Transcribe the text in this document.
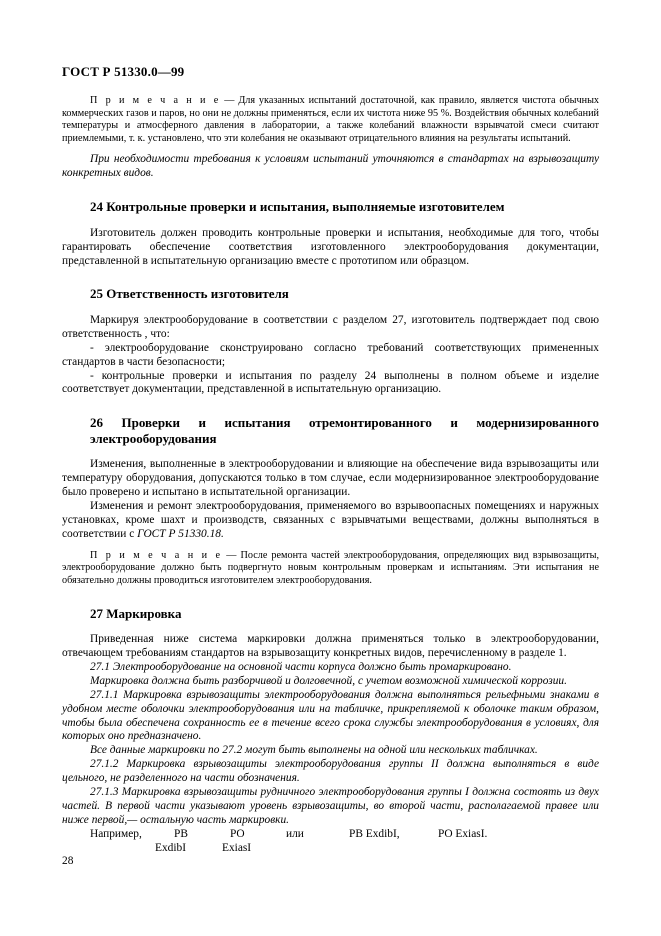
ГОСТ Р 51330.0—99

П р и м е ч а н и е — Для указанных испытаний достаточной, как правило, является чистота обычных коммерческих газов и паров, но они не должны применяться, если их чистота ниже 95 %. Воздействия обычных колебаний температуры и атмосферного давления в лаборатории, а также колебаний влажности взрывчатой смеси считают приемлемыми, т. к. установлено, что эти колебания не оказывают отрицательного влияния на результаты испытаний.

При необходимости требования к условиям испытаний уточняются в стандартах на взрывозащиту конкретных видов.

24 Контрольные проверки и испытания, выполняемые изготовителем

Изготовитель должен проводить контрольные проверки и испытания, необходимые для того, чтобы гарантировать обеспечение соответствия изготовленного электрооборудования документации, представленной в испытательную организацию вместе с прототипом или образцом.

25 Ответственность изготовителя

Маркируя электрооборудование в соответствии с разделом 27, изготовитель подтверждает под свою ответственность , что:

- электрооборудование сконструировано согласно требований соответствующих примененных стандартов в части безопасности;

- контрольные проверки и испытания по разделу 24 выполнены в полном объеме и изделие соответствует документации, представленной в испытательную организацию.

26 Проверки и испытания отремонтированного и модернизированного электрооборудования

Изменения, выполненные в электрооборудовании и влияющие на обеспечение вида взрывозащиты или температуру оборудования, допускаются только в том случае, если модернизированное электрооборудование было проверено и испытано в испытательной организации.

Изменения и ремонт электрооборудования, применяемого во взрывоопасных помещениях и наружных установках, кроме шахт и производств, связанных с взрывчатыми веществами, должны выполняться в соответствии с ГОСТ Р 51330.18.

П р и м е ч а н и е — После ремонта частей электрооборудования, определяющих вид взрывозащиты, электрооборудование должно быть подвергнуто новым контрольным проверкам и испытаниям. Эти испытания не обязательно должны проводиться изготовителем электрооборудования.

27 Маркировка

Приведенная ниже система маркировки должна применяться только в электрооборудовании, отвечающем требованиям стандартов на взрывозащиту конкретных видов, перечисленному в разделе 1.

27.1 Электрооборудование на основной части корпуса должно быть промаркировано.

Маркировка должна быть разборчивой и долговечной, с учетом возможной химической коррозии.

27.1.1 Маркировка взрывозащиты электрооборудования должна выполняться рельефными знаками в удобном месте оболочки электрооборудования или на табличке, прикрепляемой к оболочке таким образом, чтобы была обеспечена сохранность ее в течение всего срока службы электрооборудования в условиях, для которых оно предназначено.

Все данные маркировки по 27.2 могут быть выполнены на одной или нескольких табличках.

27.1.2 Маркировка взрывозащиты электрооборудования группы II должна выполняться в виде цельного, не разделенного на части обозначения.

27.1.3 Маркировка взрывозащиты рудничного электрооборудования группы I должна состоять из двух частей. В первой части указывают уровень взрывозащиты, во второй части, располагаемой правее или ниже первой,— остальную часть маркировки.

Например,	PB
ExdibI
PO
ExiasI
или	PB ExdibI,	PO ExiasI.
28
